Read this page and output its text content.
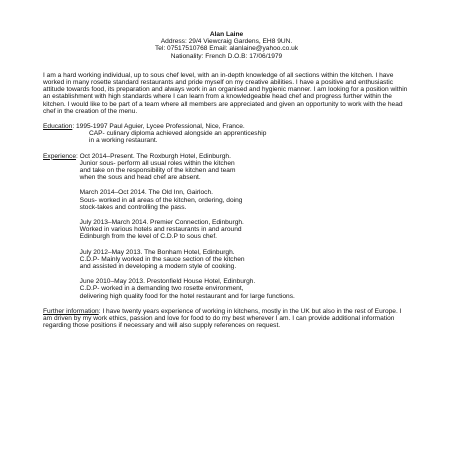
Alan Laine
Address: 29/4 Viewcraig Gardens, EH8 9UN.
Tel: 07517510768 Email: alanlaine@yahoo.co.uk
Nationality: French D.O.B: 17/06/1979

I am a hard working individual, up to sous chef level, with an in-depth knowledge of all sections within the kitchen. I have worked in many rosette standard restaurants and pride myself on my creative abilities. I have a positive and enthusiastic attitude towards food, its preparation and always work in an organised and hygienic manner. I am looking for a position within an establishment with high standards where I can learn from a knowledgeable head chef and progress further within the kitchen. I would like to be part of a team where all members are appreciated and given an opportunity to work with the head chef in the creation of the menu.

Education: 1995-1997 Paul Aguier, Lycee Professional, Nice, France.
CAP- culinary diploma achieved alongside an apprenticeship
in a working restaurant.
Experience: Oct 2014–Present. The Roxburgh Hotel, Edinburgh.
Junior sous- perform all usual roles within the kitchen
and take on the responsibility of the kitchen and team
when the sous and head chef are absent.
March 2014–Oct 2014. The Old Inn, Gairloch.
Sous- worked in all areas of the kitchen, ordering, doing
stock-takes and controlling the pass.
July 2013–March 2014. Premier Connection, Edinburgh.
Worked in various hotels and restaurants in and around
Edinburgh from the level of C.D.P to sous chef.
July 2012–May 2013. The Bonham Hotel, Edinburgh.
C.D.P- Mainly worked in the sauce section of the kitchen
and assisted in developing a modern style of cooking.
June 2010–May 2013. Prestonfield House Hotel, Edinburgh.
C.D.P- worked in a demanding two rosette environment,
delivering high quality food for the hotel restaurant and for large functions.

Further information: I have twenty years experience of working in kitchens, mostly in the UK but also in the rest of Europe. I am driven by my work ethics, passion and love for food to do my best wherever I am. I can provide additional information regarding those positions if necessary and will also supply references on request.
